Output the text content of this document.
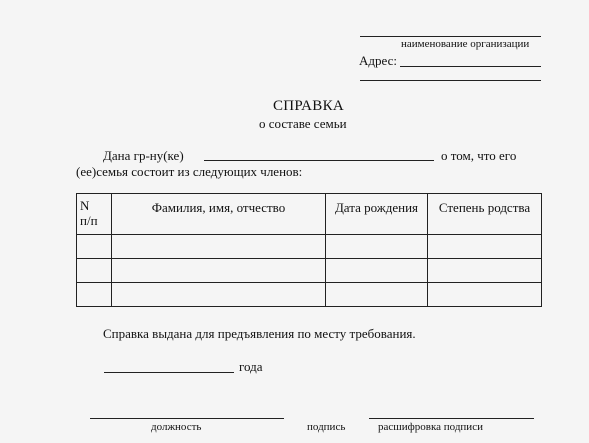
наименование организации
Адрес:
СПРАВКА
о составе семьи
Дана гр-ну(ке)	о том, что его
(ее)семья состоит из следующих членов:
N
п/п	Фамилия, имя, отчество	Дата рождения	Степень родства

Справка выдана для предъявления по месту требования.
года
должность	подпись	расшифровка подписи
